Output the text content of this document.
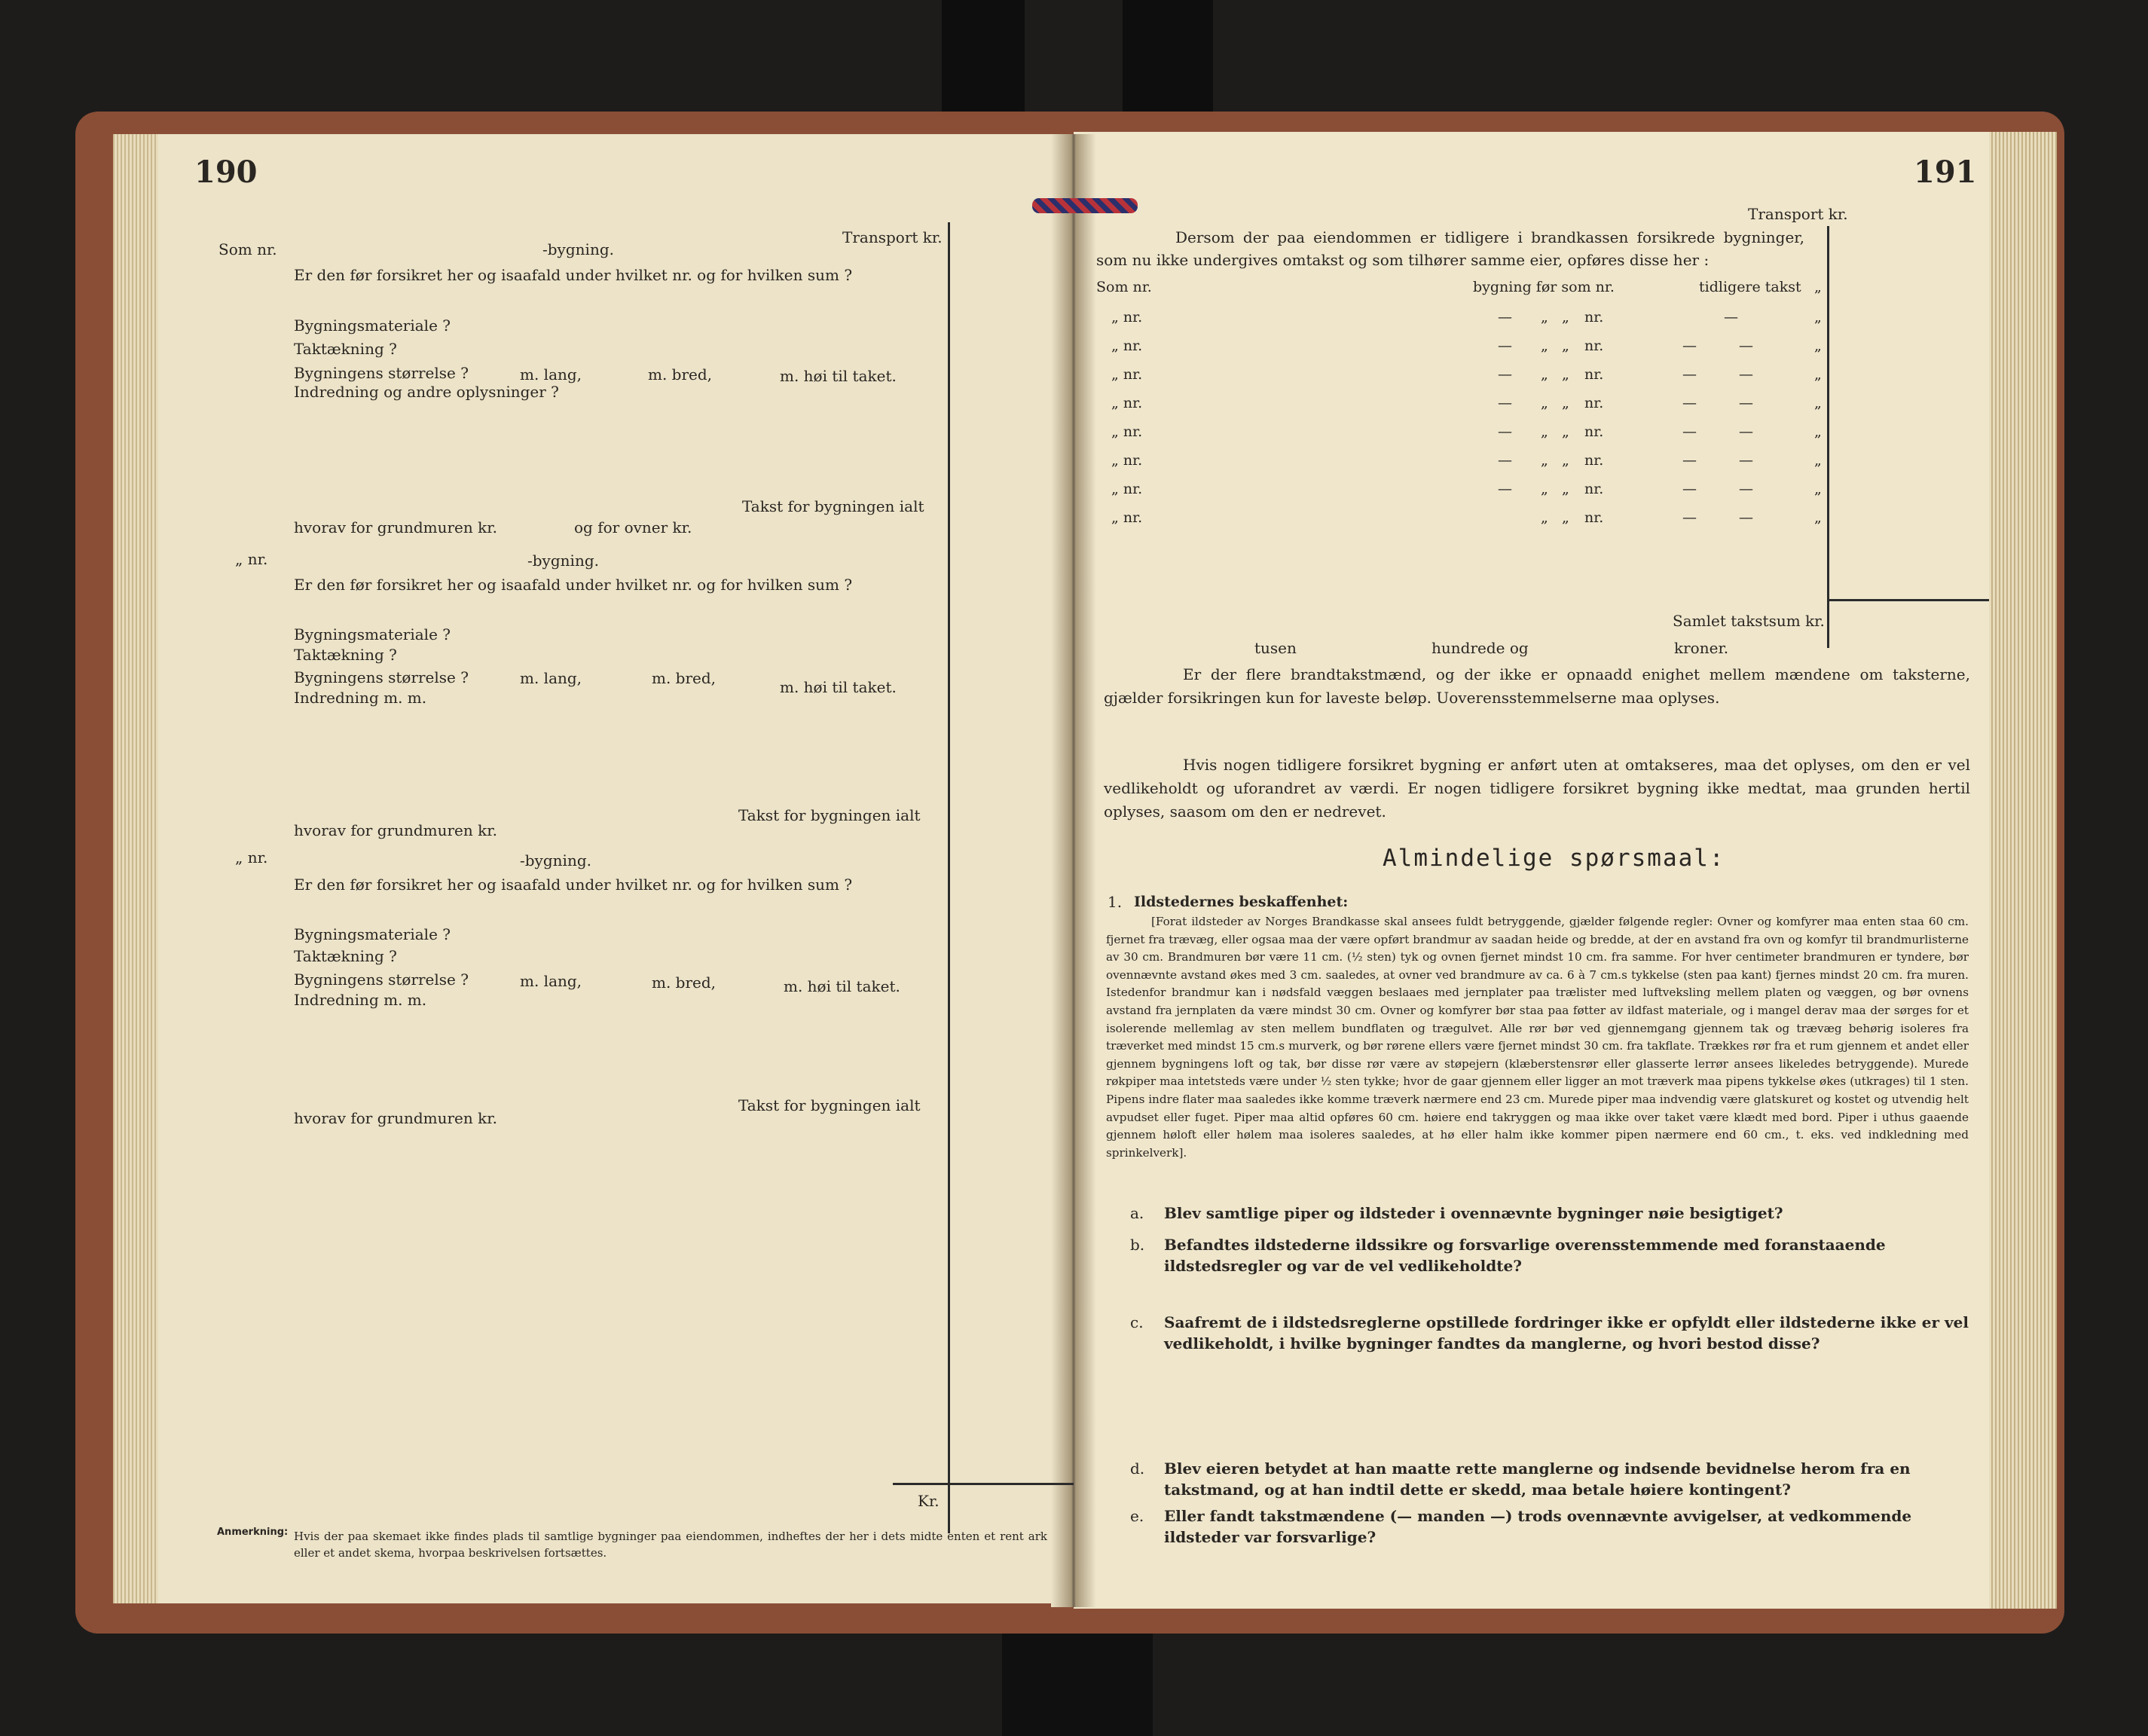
190
Transport kr.
Som nr.	-bygning.
Er den før forsikret her og isaafald under hvilket nr. og for hvilken sum ?
Bygningsmateriale ?
Taktækning ?
Bygningens størrelse ?	m. lang,	m. bred,	m. høi til taket.
Indredning og andre oplysninger ?
Takst for bygningen ialt
hvorav for grundmuren kr.	og for ovner kr.
„ nr.	-bygning.
Er den før forsikret her og isaafald under hvilket nr. og for hvilken sum ?
Bygningsmateriale ?
Taktækning ?
Bygningens størrelse ?	m. lang,	m. bred,	m. høi til taket.
Indredning m. m.
Takst for bygningen ialt
hvorav for grundmuren kr.
„ nr.	-bygning.
Er den før forsikret her og isaafald under hvilket nr. og for hvilken sum ?
Bygningsmateriale ?
Taktækning ?
Bygningens størrelse ?	m. lang,	m. bred,	m. høi til taket.
Indredning m. m.
Takst for bygningen ialt
hvorav for grundmuren kr.
Kr.
Anmerkning: Hvis der paa skemaet ikke findes plads til samtlige bygninger paa eiendommen, indheftes der her i dets midte enten et rent ark eller et andet skema, hvorpaa beskrivelsen fortsættes.
191
Transport kr.
Dersom der paa eiendommen er tidligere i brandkassen forsikrede bygninger, som nu ikke undergives omtakst og som tilhører samme eier, opføres disse her :
Som nr.	bygning før som nr.	tidligere takst „
„ nr.	— „ „ nr.	—	„
„ nr.	— „ „ nr.	—	—	„
„ nr.	— „ „ nr.	—	—	„
„ nr.	— „ „ nr.	—	—	„
„ nr.	— „ „ nr.	—	—	„
„ nr.	— „ „ nr.	—	—	„
„ nr.	— „ „ nr.	—	—	„
„ nr.	„ „ nr.	—	—	„
Samlet takstsum kr.
tusen	hundrede og	kroner.
Er der flere brandtakstmænd, og der ikke er opnaadd enighet mellem mændene om taksterne, gjælder forsikringen kun for laveste beløp. Uoverensstemmelserne maa oplyses.
Hvis nogen tidligere forsikret bygning er anført uten at omtakseres, maa det oplyses, om den er vel vedlikeholdt og uforandret av værdi. Er nogen tidligere forsikret bygning ikke medtat, maa grunden hertil oplyses, saasom om den er nedrevet.
Almindelige spørsmaal:
1. Ildstedernes beskaffenhet:
[Forat ildsteder av Norges Brandkasse skal ansees fuldt betryggende, gjælder følgende regler: Ovner og komfyrer maa enten staa 60 cm. fjernet fra trævæg, eller ogsaa maa der være opført brandmur av saadan heide og bredde, at der en avstand fra ovn og komfyr til brandmurlisterne av 30 cm. Brandmuren bør være 11 cm. (½ sten) tyk og ovnen fjernet mindst 10 cm. fra samme. For hver centimeter brandmuren er tyndere, bør ovennævnte avstand økes med 3 cm. saaledes, at ovner ved brandmure av ca. 6 à 7 cm.s tykkelse (sten paa kant) fjernes mindst 20 cm. fra muren. Istedenfor brandmur kan i nødsfald væggen beslaaes med jernplater paa trælister med luftveksling mellem platen og væggen, og bør ovnens avstand fra jernplaten da være mindst 30 cm. Ovner og komfyrer bør staa paa føtter av ildfast materiale, og i mangel derav maa der sørges for et isolerende mellemlag av sten mellem bundflaten og trægulvet. Alle rør bør ved gjennemgang gjennem tak og trævæg behørig isoleres fra træverket med mindst 15 cm.s murverk, og bør rørene ellers være fjernet mindst 30 cm. fra takflate. Trækkes rør fra et rum gjennem et andet eller gjennem bygningens loft og tak, bør disse rør være av støpejern (klæberstensrør eller glasserte lerrør ansees likeledes betryggende). Murede røkpiper maa intetsteds være under ½ sten tykke; hvor de gaar gjennem eller ligger an mot træverk maa pipens tykkelse økes (utkrages) til 1 sten. Pipens indre flater maa saaledes ikke komme træverk nærmere end 23 cm. Murede piper maa indvendig være glatskuret og kostet og utvendig helt avpudset eller fuget. Piper maa altid opføres 60 cm. høiere end takryggen og maa ikke over taket være klædt med bord. Piper i uthus gaaende gjennem høloft eller hølem maa isoleres saaledes, at hø eller halm ikke kommer pipen nærmere end 60 cm., t. eks. ved indkledning med sprinkelverk].
a. Blev samtlige piper og ildsteder i ovennævnte bygninger nøie besigtiget?
b. Befandtes ildstederne ildssikre og forsvarlige overensstemmende med foranstaaende ildstedsregler og var de vel vedlikeholdte?
c. Saafremt de i ildstedsreglerne opstillede fordringer ikke er opfyldt eller ildstederne ikke er vel vedlikeholdt, i hvilke bygninger fandtes da manglerne, og hvori bestod disse?
d. Blev eieren betydet at han maatte rette manglerne og indsende bevidnelse herom fra en takstmand, og at han indtil dette er skedd, maa betale høiere kontingent?
e. Eller fandt takstmændene (— manden —) trods ovennævnte avvigelser, at vedkommende ildsteder var forsvarlige?
